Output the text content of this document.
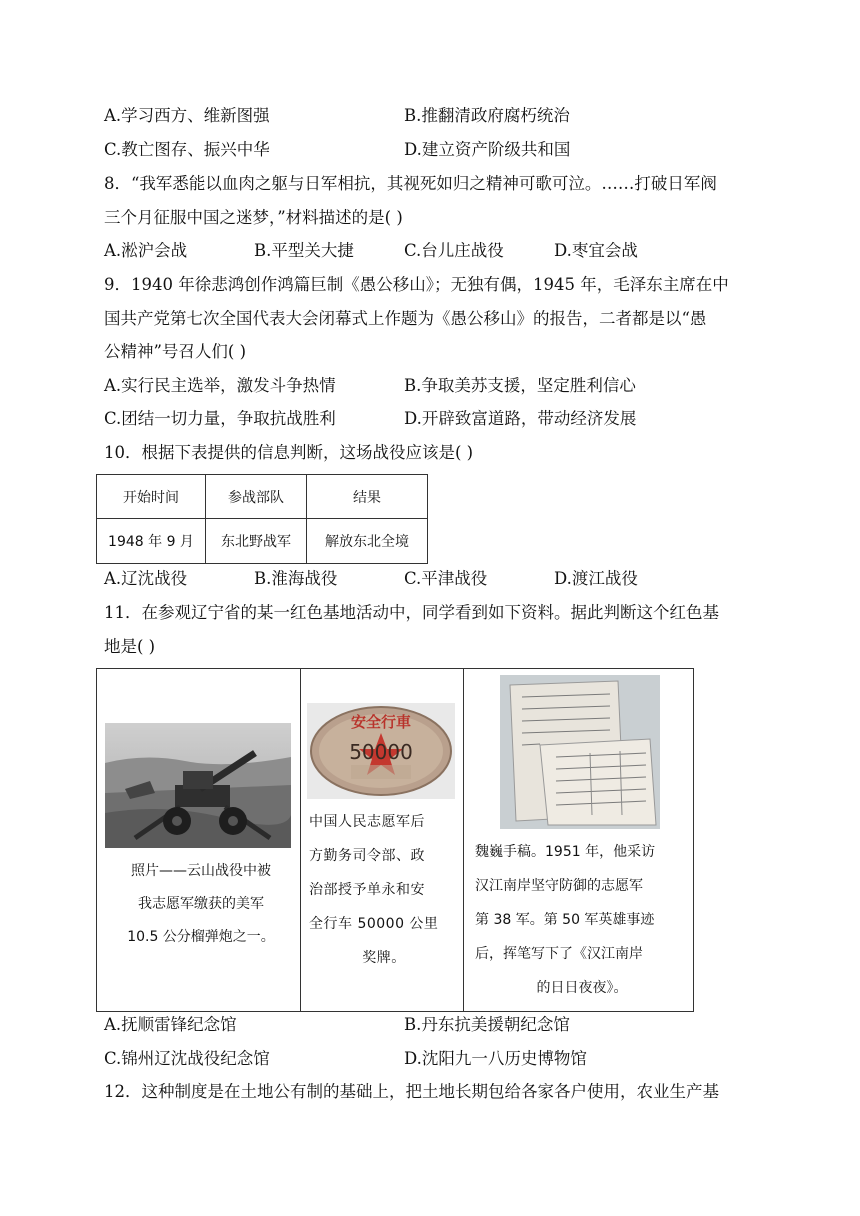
A.学习西方、维新图强	B.推翻清政府腐朽统治
C.教亡图存、振兴中华	D.建立资产阶级共和国
8．“我军悉能以血肉之躯与日军相抗，其视死如归之精神可歌可泣。……打破日军阀
三个月征服中国之迷梦，”材料描述的是( )
A.淞沪会战	B.平型关大捷	C.台儿庄战役	D.枣宜会战
9．1940 年徐悲鸿创作鸿篇巨制《愚公移山》；无独有偶，1945 年，毛泽东主席在中
国共产党第七次全国代表大会闭幕式上作题为《愚公移山》的报告，二者都是以“愚
公精神”号召人们( )
A.实行民主选举，激发斗争热情	B.争取美苏支援，坚定胜利信心
C.团结一切力量，争取抗战胜利	D.开辟致富道路，带动经济发展
10．根据下表提供的信息判断，这场战役应该是( )
开始时间	参战部队	结果
1948 年 9 月	东北野战军	解放东北全境
A.辽沈战役	B.淮海战役	C.平津战役	D.渡江战役
11．在参观辽宁省的某一红色基地活动中，同学看到如下资料。据此判断这个红色基
地是( )
照片——云山战役中被
我志愿军缴获的美军
10.5 公分榴弹炮之一。
安全行車
50000
中国人民志愿军后
方勤务司令部、政
治部授予单永和安
全行车 50000 公里
奖牌。
魏巍手稿。1951 年，他采访
汉江南岸坚守防御的志愿军
第 38 军。第 50 军英雄事迹
后，挥笔写下了《汉江南岸
的日日夜夜》。
A.抚顺雷锋纪念馆	B.丹东抗美援朝纪念馆
C.锦州辽沈战役纪念馆	D.沈阳九一八历史博物馆
12．这种制度是在土地公有制的基础上，把土地长期包给各家各户使用，农业生产基
